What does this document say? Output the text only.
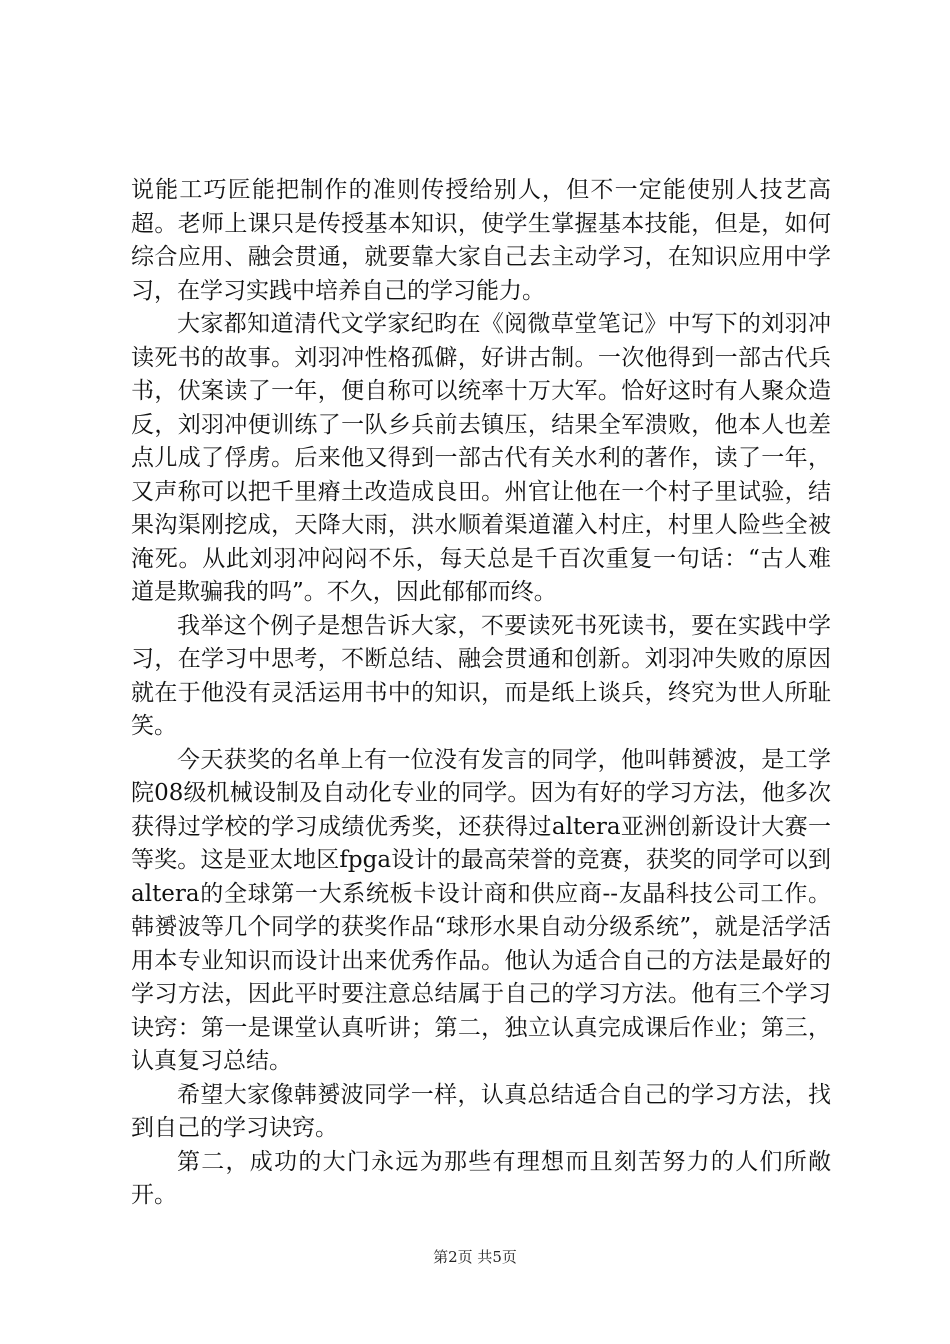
说能工巧匠能把制作的准则传授给别人，但不一定能使别人技艺高超。老师上课只是传授基本知识，使学生掌握基本技能，但是，如何综合应用、融会贯通，就要靠大家自己去主动学习，在知识应用中学习，在学习实践中培养自己的学习能力。

大家都知道清代文学家纪昀在《阅微草堂笔记》中写下的刘羽冲读死书的故事。刘羽冲性格孤僻，好讲古制。一次他得到一部古代兵书，伏案读了一年，便自称可以统率十万大军。恰好这时有人聚众造反，刘羽冲便训练了一队乡兵前去镇压，结果全军溃败，他本人也差点儿成了俘虏。后来他又得到一部古代有关水利的著作，读了一年，又声称可以把千里瘠土改造成良田。州官让他在一个村子里试验，结果沟渠刚挖成，天降大雨，洪水顺着渠道灌入村庄，村里人险些全被淹死。从此刘羽冲闷闷不乐，每天总是千百次重复一句话：“古人难道是欺骗我的吗”。不久，因此郁郁而终。

我举这个例子是想告诉大家，不要读死书死读书，要在实践中学习，在学习中思考，不断总结、融会贯通和创新。刘羽冲失败的原因就在于他没有灵活运用书中的知识，而是纸上谈兵，终究为世人所耻笑。

今天获奖的名单上有一位没有发言的同学，他叫韩赟波，是工学院08级机械设制及自动化专业的同学。因为有好的学习方法，他多次获得过学校的学习成绩优秀奖，还获得过altera亚洲创新设计大赛一等奖。这是亚太地区fpga设计的最高荣誉的竞赛，获奖的同学可以到altera的全球第一大系统板卡设计商和供应商--友晶科技公司工作。韩赟波等几个同学的获奖作品“球形水果自动分级系统”，就是活学活用本专业知识而设计出来优秀作品。他认为适合自己的方法是最好的学习方法，因此平时要注意总结属于自己的学习方法。他有三个学习诀窍：第一是课堂认真听讲；第二，独立认真完成课后作业；第三，认真复习总结。

希望大家像韩赟波同学一样，认真总结适合自己的学习方法，找到自己的学习诀窍。

第二，成功的大门永远为那些有理想而且刻苦努力的人们所敞开。

第2页 共5页
